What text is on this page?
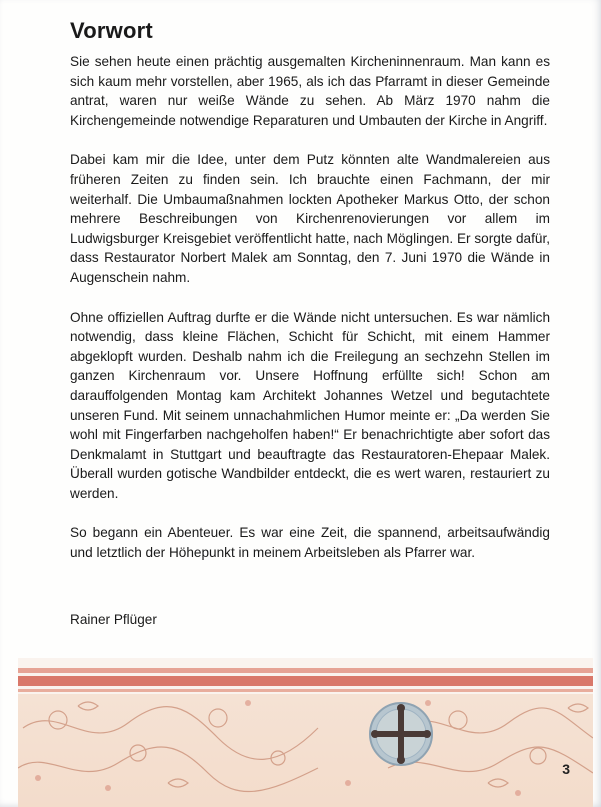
Vorwort

Sie sehen heute einen prächtig ausgemalten Kircheninnenraum. Man kann es sich kaum mehr vorstellen, aber 1965, als ich das Pfarramt in dieser Gemeinde antrat, waren nur weiße Wände zu sehen. Ab März 1970 nahm die Kirchengemeinde notwendige Reparaturen und Umbauten der Kirche in Angriff.

Dabei kam mir die Idee, unter dem Putz könnten alte Wandmalereien aus früheren Zeiten zu finden sein. Ich brauchte einen Fachmann, der mir weiterhalf. Die Umbaumaßnahmen lockten Apotheker Markus Otto, der schon mehrere Beschreibungen von Kirchenrenovierungen vor allem im Ludwigsburger Kreisgebiet veröffentlicht hatte, nach Möglingen. Er sorgte dafür, dass Restaurator Norbert Malek am Sonntag, den 7. Juni 1970 die Wände in Augenschein nahm.

Ohne offiziellen Auftrag durfte er die Wände nicht untersuchen. Es war nämlich notwendig, dass kleine Flächen, Schicht für Schicht, mit einem Hammer abgeklopft wurden. Deshalb nahm ich die Freilegung an sechzehn Stellen im ganzen Kirchenraum vor. Unsere Hoffnung erfüllte sich! Schon am darauffolgenden Montag kam Architekt Johannes Wetzel und begutachtete unseren Fund. Mit seinem unnachahmlichen Humor meinte er: „Da werden Sie wohl mit Fingerfarben nachgeholfen haben!“ Er benachrichtigte aber sofort das Denkmalamt in Stuttgart und beauftragte das Restauratoren-Ehepaar Malek. Überall wurden gotische Wandbilder entdeckt, die es wert waren, restauriert zu werden.

So begann ein Abenteuer. Es war eine Zeit, die spannend, arbeitsaufwändig und letztlich der Höhepunkt in meinem Arbeitsleben als Pfarrer war.

Rainer Pflüger
3
